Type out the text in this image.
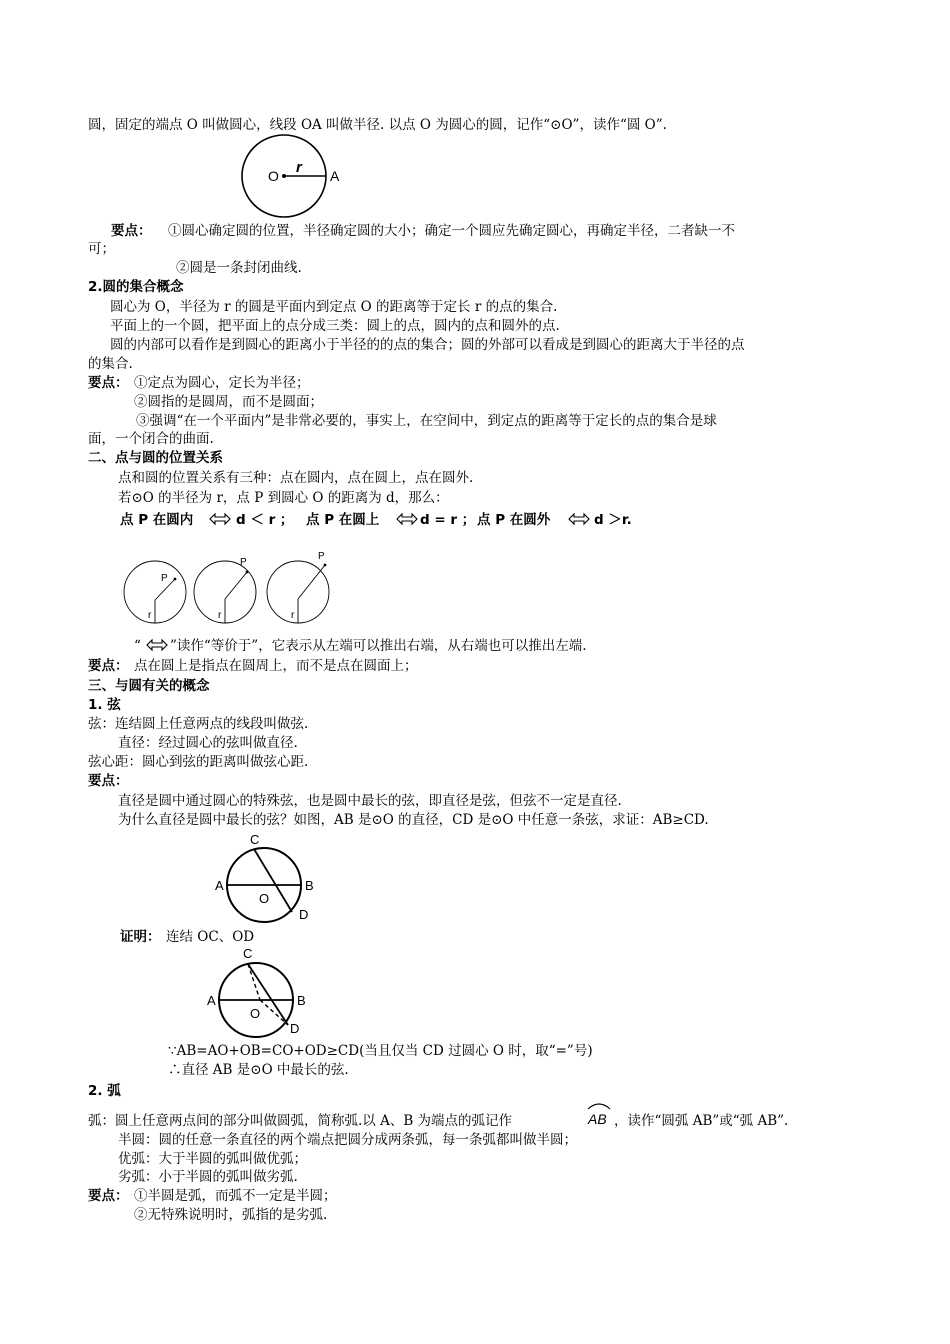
圆，固定的端点 O 叫做圆心，线段 OA 叫做半径. 以点 O 为圆心的圆，记作“⊙O”，读作“圆 O”.
O r A
要点： ①圆心确定圆的位置，半径确定圆的大小；确定一个圆应先确定圆心，再确定半径，二者缺一不
可；
②圆是一条封闭曲线.
2.圆的集合概念
圆心为 O，半径为 r 的圆是平面内到定点 O 的距离等于定长 r 的点的集合.
平面上的一个圆，把平面上的点分成三类：圆上的点，圆内的点和圆外的点.
圆的内部可以看作是到圆心的距离小于半径的的点的集合；圆的外部可以看成是到圆心的距离大于半径的点
的集合.
要点： ①定点为圆心，定长为半径；
②圆指的是圆周，而不是圆面；
③强调“在一个平面内”是非常必要的，事实上，在空间中，到定点的距离等于定长的点的集合是球
面，一个闭合的曲面.
二、点与圆的位置关系
点和圆的位置关系有三种：点在圆内，点在圆上，点在圆外.
若⊙O 的半径为 r，点 P 到圆心 O 的距离为 d，那么：
点 P 在圆内	d ＜ r ； 点 P 在圆上	d = r ； 点 P 在圆外	d ＞r.
P
r
P
r
P
r
“ ”读作“等价于”，它表示从左端可以推出右端，从右端也可以推出左端.
要点： 点在圆上是指点在圆周上，而不是点在圆面上；
三、与圆有关的概念
1. 弦
弦：连结圆上任意两点的线段叫做弦.
直径：经过圆心的弦叫做直径.
弦心距：圆心到弦的距离叫做弦心距.
要点：
直径是圆中通过圆心的特殊弦，也是圆中最长的弦，即直径是弦，但弦不一定是直径.
为什么直径是圆中最长的弦？如图，AB 是⊙O 的直径，CD 是⊙O 中任意一条弦，求证：AB≥CD.
C
A	B
O
D
证明： 连结 OC、OD
C
A	B
O
D
∵AB=AO+OB=CO+OD≥CD(当且仅当 CD 过圆心 O 时，取“=”号)
∴直径 AB 是⊙O 中最长的弦.
2. 弧
弧：圆上任意两点间的部分叫做圆弧，简称弧.以 A、B 为端点的弧记作	AB ，读作“圆弧 AB”或“弧 AB”.
半圆：圆的任意一条直径的两个端点把圆分成两条弧，每一条弧都叫做半圆；
优弧：大于半圆的弧叫做优弧；
劣弧：小于半圆的弧叫做劣弧.
要点： ①半圆是弧，而弧不一定是半圆；
②无特殊说明时，弧指的是劣弧.
